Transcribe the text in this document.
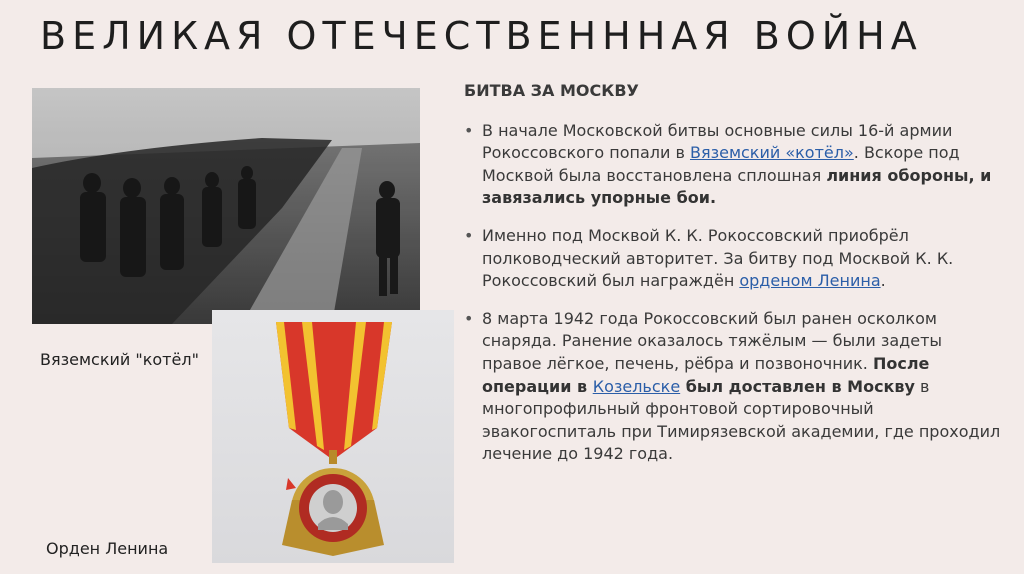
ВЕЛИКАЯ ОТЕЧЕСТВЕНННАЯ ВОЙНА
Вяземский "котёл"
Орден Ленина
БИТВА ЗА МОСКВУ
• В начале Московской битвы основные силы 16-й армии Рокоссовского попали в Вяземский «котёл». Вскоре под Москвой была восстановлена сплошная линия обороны, и завязались упорные бои.
• Именно под Москвой К. К. Рокоссовский приобрёл полководческий авторитет. За битву под Москвой К. К. Рокоссовский был награждён орденом Ленина.
• 8 марта 1942 года Рокоссовский был ранен осколком снаряда. Ранение оказалось тяжёлым — были задеты правое лёгкое, печень, рёбра и позвоночник. После операции в Козельске был доставлен в Москву в многопрофильный фронтовой сортировочный эвакогоспиталь при Тимирязевской академии, где проходил лечение до 1942 года.
